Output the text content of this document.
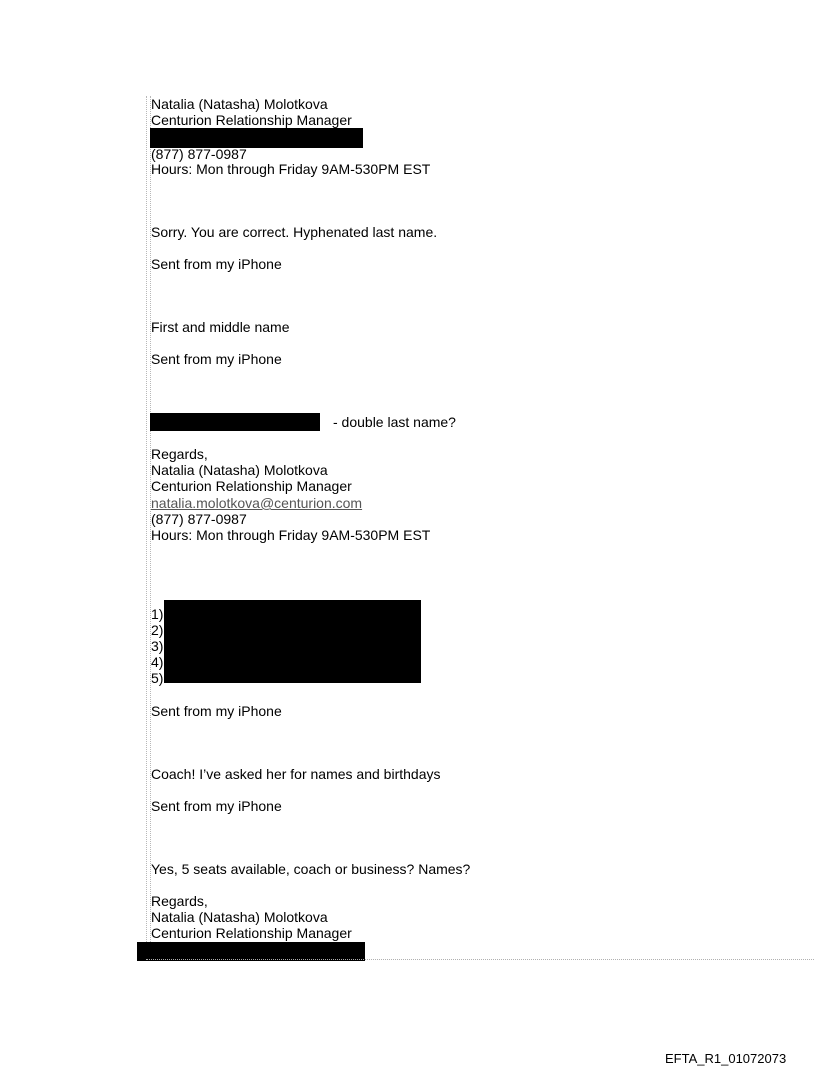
Natalia (Natasha) Molotkova
Centurion Relationship Manager
(877) 877-0987
Hours: Mon through Friday 9AM-530PM EST
Sorry. You are correct. Hyphenated last name.
Sent from my iPhone
First and middle name
Sent from my iPhone
- double last name?
Regards,
Natalia (Natasha) Molotkova
Centurion Relationship Manager
natalia.molotkova@centurion.com
(877) 877-0987
Hours: Mon through Friday 9AM-530PM EST
1)
2)
3)
4)
5)
Sent from my iPhone
Coach! I’ve asked her for names and birthdays
Sent from my iPhone
Yes, 5 seats available, coach or business? Names?
Regards,
Natalia (Natasha) Molotkova
Centurion Relationship Manager
EFTA_R1_01072073
